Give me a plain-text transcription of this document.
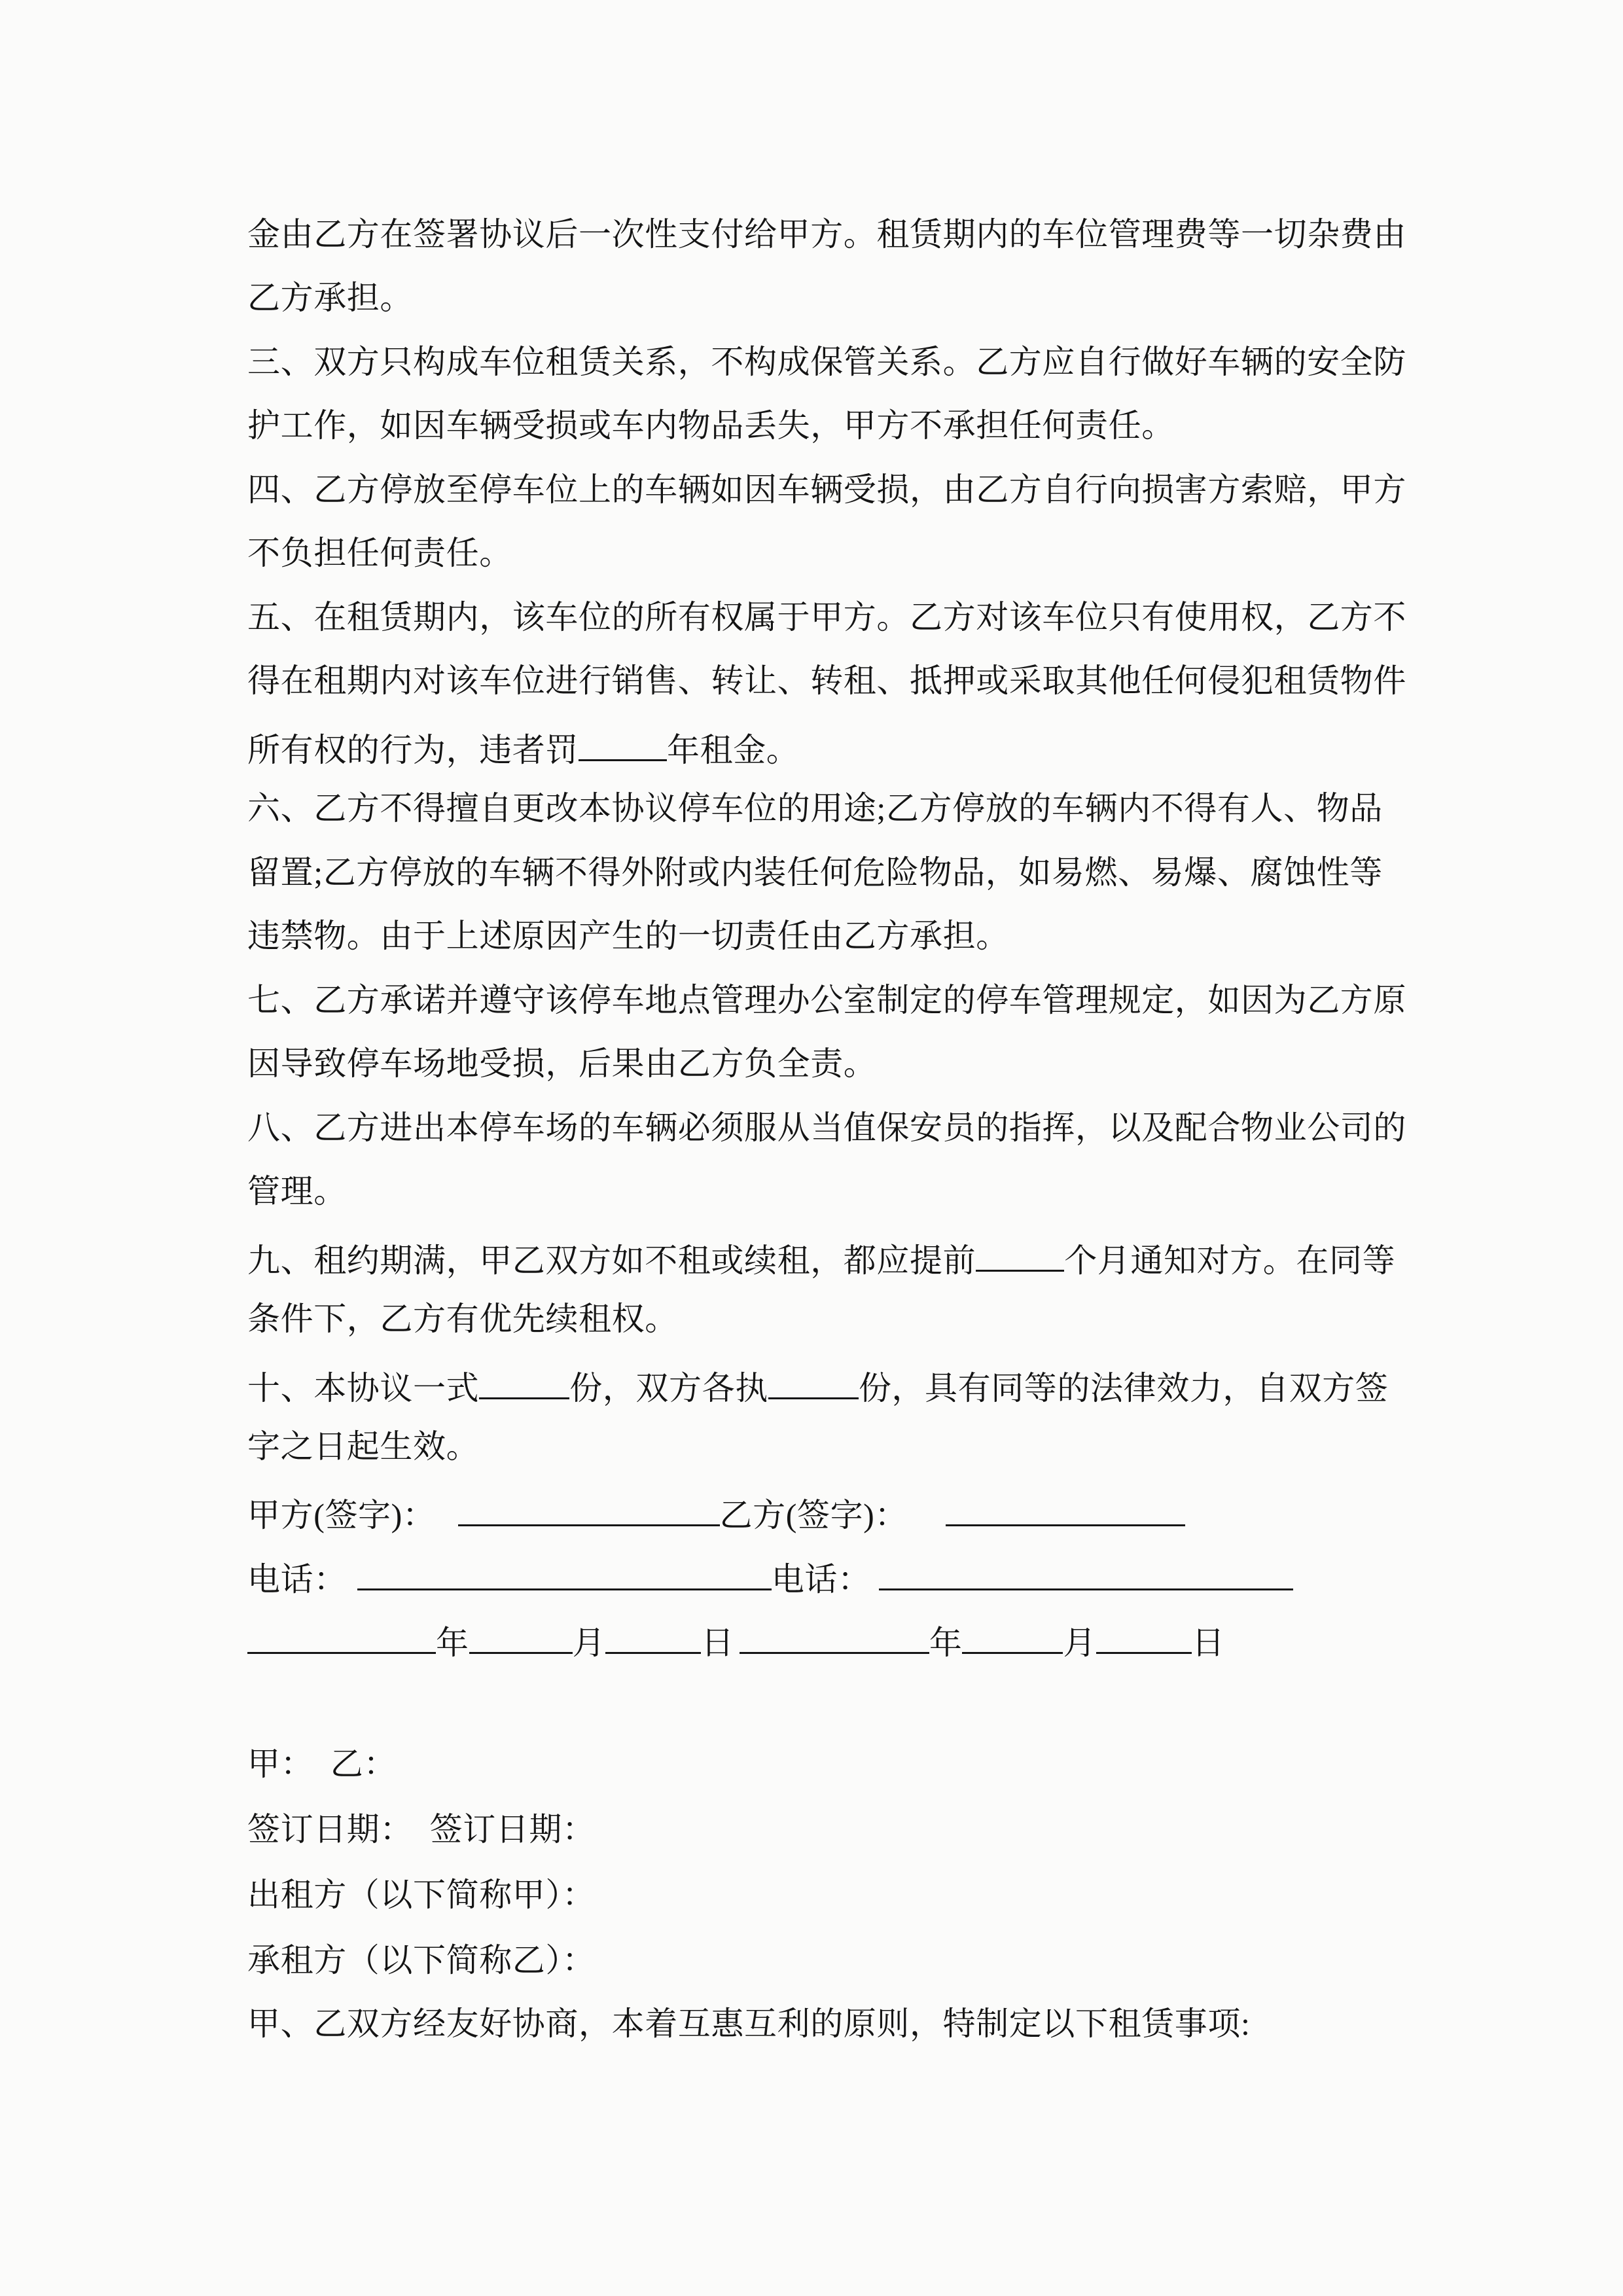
金由乙方在签署协议后一次性支付给甲方。租赁期内的车位管理费等一切杂费由
乙方承担。
三、双方只构成车位租赁关系，不构成保管关系。乙方应自行做好车辆的安全防
护工作，如因车辆受损或车内物品丢失，甲方不承担任何责任。
四、乙方停放至停车位上的车辆如因车辆受损，由乙方自行向损害方索赔，甲方
不负担任何责任。
五、在租赁期内，该车位的所有权属于甲方。乙方对该车位只有使用权，乙方不
得在租期内对该车位进行销售、转让、转租、抵押或采取其他任何侵犯租赁物件
所有权的行为，违者罚	年租金。
六、乙方不得擅自更改本协议停车位的用途;乙方停放的车辆内不得有人、物品
留置;乙方停放的车辆不得外附或内装任何危险物品，如易燃、易爆、腐蚀性等
违禁物。由于上述原因产生的一切责任由乙方承担。
七、乙方承诺并遵守该停车地点管理办公室制定的停车管理规定，如因为乙方原
因导致停车场地受损，后果由乙方负全责。
八、乙方进出本停车场的车辆必须服从当值保安员的指挥，以及配合物业公司的
管理。
九、租约期满，甲乙双方如不租或续租，都应提前	个月通知对方。在同等
条件下，乙方有优先续租权。
十、本协议一式	份，双方各执	份，具有同等的法律效力，自双方签
字之日起生效。
甲方(签字)：	乙方(签字)：
电话：	电话：
年	月	日	年	月	日
甲：　乙：
签订日期：　签订日期：
出租方（以下简称甲）：
承租方（以下简称乙）：
甲、乙双方经友好协商，本着互惠互利的原则，特制定以下租赁事项:
